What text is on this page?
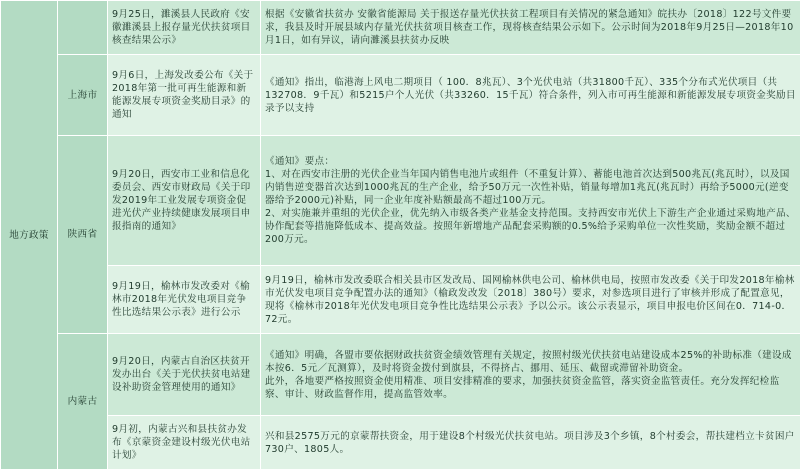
地方政策		9月25日，濉溪县人民政府《安徽濉溪县上报存量光伏扶贫项目核查结果公示》	根据《安徽省扶贫办 安徽省能源局 关于报送存量光伏扶贫工程项目有关情况的紧急通知》皖扶办〔2018〕122号文件要求，我县及时开展县域内存量光伏扶贫项目核查工作，现将核查结果公示如下。公示时间为2018年9月25日—2018年10月1日，如有异议，请向濉溪县扶贫办反映
	上海市	9月6日，上海发改委公布《关于2018年第一批可再生能源和新能源发展专项资金奖励目录》的通知	《通知》指出，临港海上风电二期项目（ 100．8兆瓦）、3个光伏电站（共31800千瓦）、335个分布式光伏项目（共132708．9千瓦）和5215户个人光伏（共33260．15千瓦）符合条件，列入市可再生能源和新能源发展专项资金奖励目录予以支持
	陕西省	9月20日，西安市工业和信息化委员会、西安市财政局《关于印发2019年工业发展专项资金促进光伏产业持续健康发展项目申报指南的通知》	《通知》要点：
1、对在西安市注册的光伏企业当年国内销售电池片或组件（不重复计算）、蓄能电池首次达到500兆瓦(兆瓦时），以及国内销售逆变器首次达到1000兆瓦的生产企业，给予50万元一次性补贴，销量每增加1兆瓦(兆瓦时）再给予5000元(逆变器给予2000元)补贴，同一企业年度补贴额最高不超过100万元。
2、对实施兼并重组的光伏企业，优先纳入市级各类产业基金支持范围。支持西安市光伏上下游生产企业通过采购地产品、协作配套等措施降低成本、提高效益。按照年新增地产品配套采购额的0.5%给予采购单位一次性奖励，奖励金额不超过200万元。

		9月19日，榆林市发改委对《榆林市2018年光伏发电项目竞争性比选结果公示表》进行公示	9月19日，榆林市发改委联合相关县市区发改局、国网榆林供电公司、榆林供电局，按照市发改委《关于印发2018年榆林市光伏发电项目竞争配置办法的通知》（榆政发改发〔2018〕380号）要求，对参选项目进行了审核并形成了配置意见，现将《榆林市2018年光伏发电项目竞争性比选结果公示表》予以公示。该公示表显示，项目申报电价区间在0．714-0．72元。
	内蒙古	9月20日，内蒙古自治区扶贫开发办出台《关于光伏扶贫电站建设补助资金管理使用的通知》	《通知》明确，各盟市要依据财政扶贫资金绩效管理有关规定，按照村级光伏扶贫电站建设成本25%的补助标准（建设成本按6．5元／瓦测算），及时将资金拨付到旗县，不得挤占、挪用、延压、截留或滞留补助资金。
此外，各地要严格按照资金使用精准、项目安排精准的要求，加强扶贫资金监管，落实资金监管责任。充分发挥纪检监察、审计、财政监督作用，提高监管效率。

		9月初，内蒙古兴和县扶贫办发布《京蒙资金建设村级光伏电站计划》	兴和县2575万元的京蒙帮扶资金，用于建设8个村级光伏扶贫电站。项目涉及3个乡镇，8个村委会，帮扶建档立卡贫困户730户、1805人。
